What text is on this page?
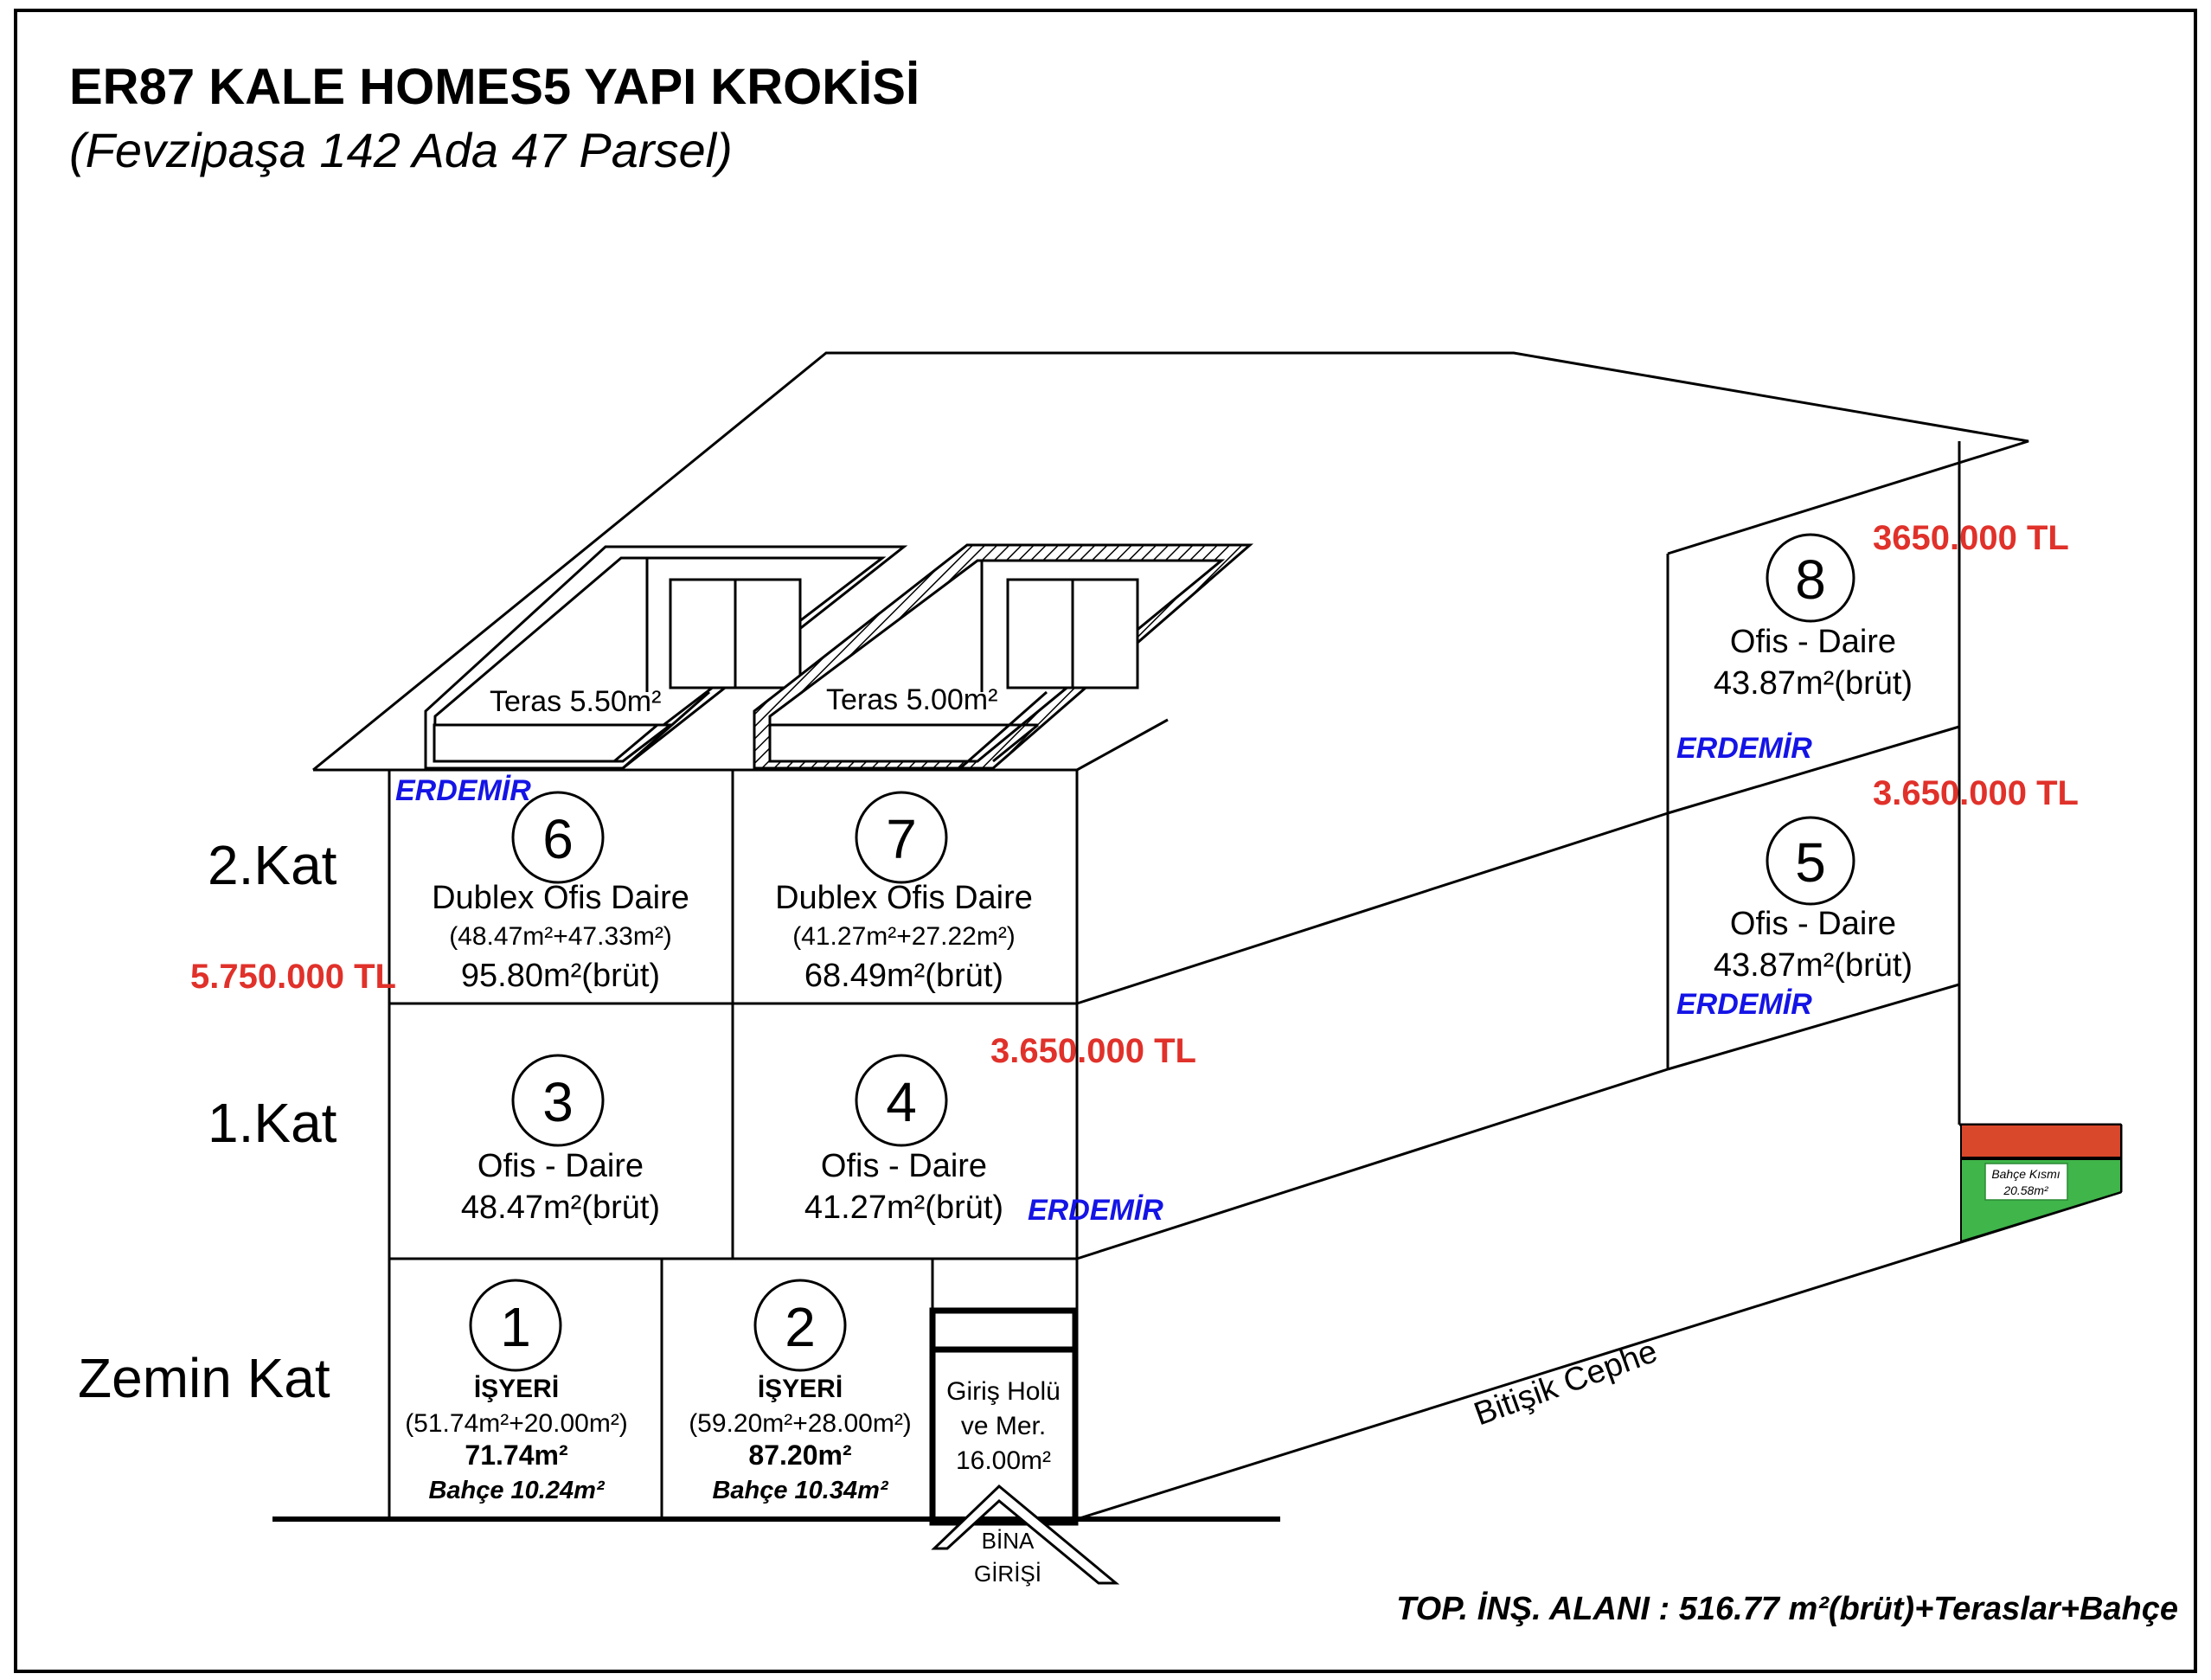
ER87 KALE HOMES5 YAPI KROKİSİ
(Fevzipaşa 142 Ada 47 Parsel)
Teras 5.50m²	Teras 5.00m²
Bahçe Kısmı
20.58m²
Bitişik Cephe
2.Kat
1.Kat
Zemin Kat
6
Dublex Ofis Daire
(48.47m²+47.33m²)
95.80m²(brüt)
7
Dublex Ofis Daire
(41.27m²+27.22m²)
68.49m²(brüt)
3
Ofis - Daire
48.47m²(brüt)
4
Ofis - Daire
41.27m²(brüt)
1
İŞYERİ
(51.74m²+20.00m²)
71.74m²
Bahçe 10.24m²
2
İŞYERİ
(59.20m²+28.00m²)
87.20m²
Bahçe 10.34m²
Giriş Holü
ve Mer.
16.00m²
BİNA
GİRİŞİ
8
Ofis - Daire
43.87m²(brüt)
5
Ofis - Daire
43.87m²(brüt)
3650.000 TL
3.650.000 TL
5.750.000 TL
3.650.000 TL
ERDEMİR
ERDEMİR
ERDEMİR
ERDEMİR
TOP. İNŞ. ALANI : 516.77 m²(brüt)+Teraslar+Bahçe
